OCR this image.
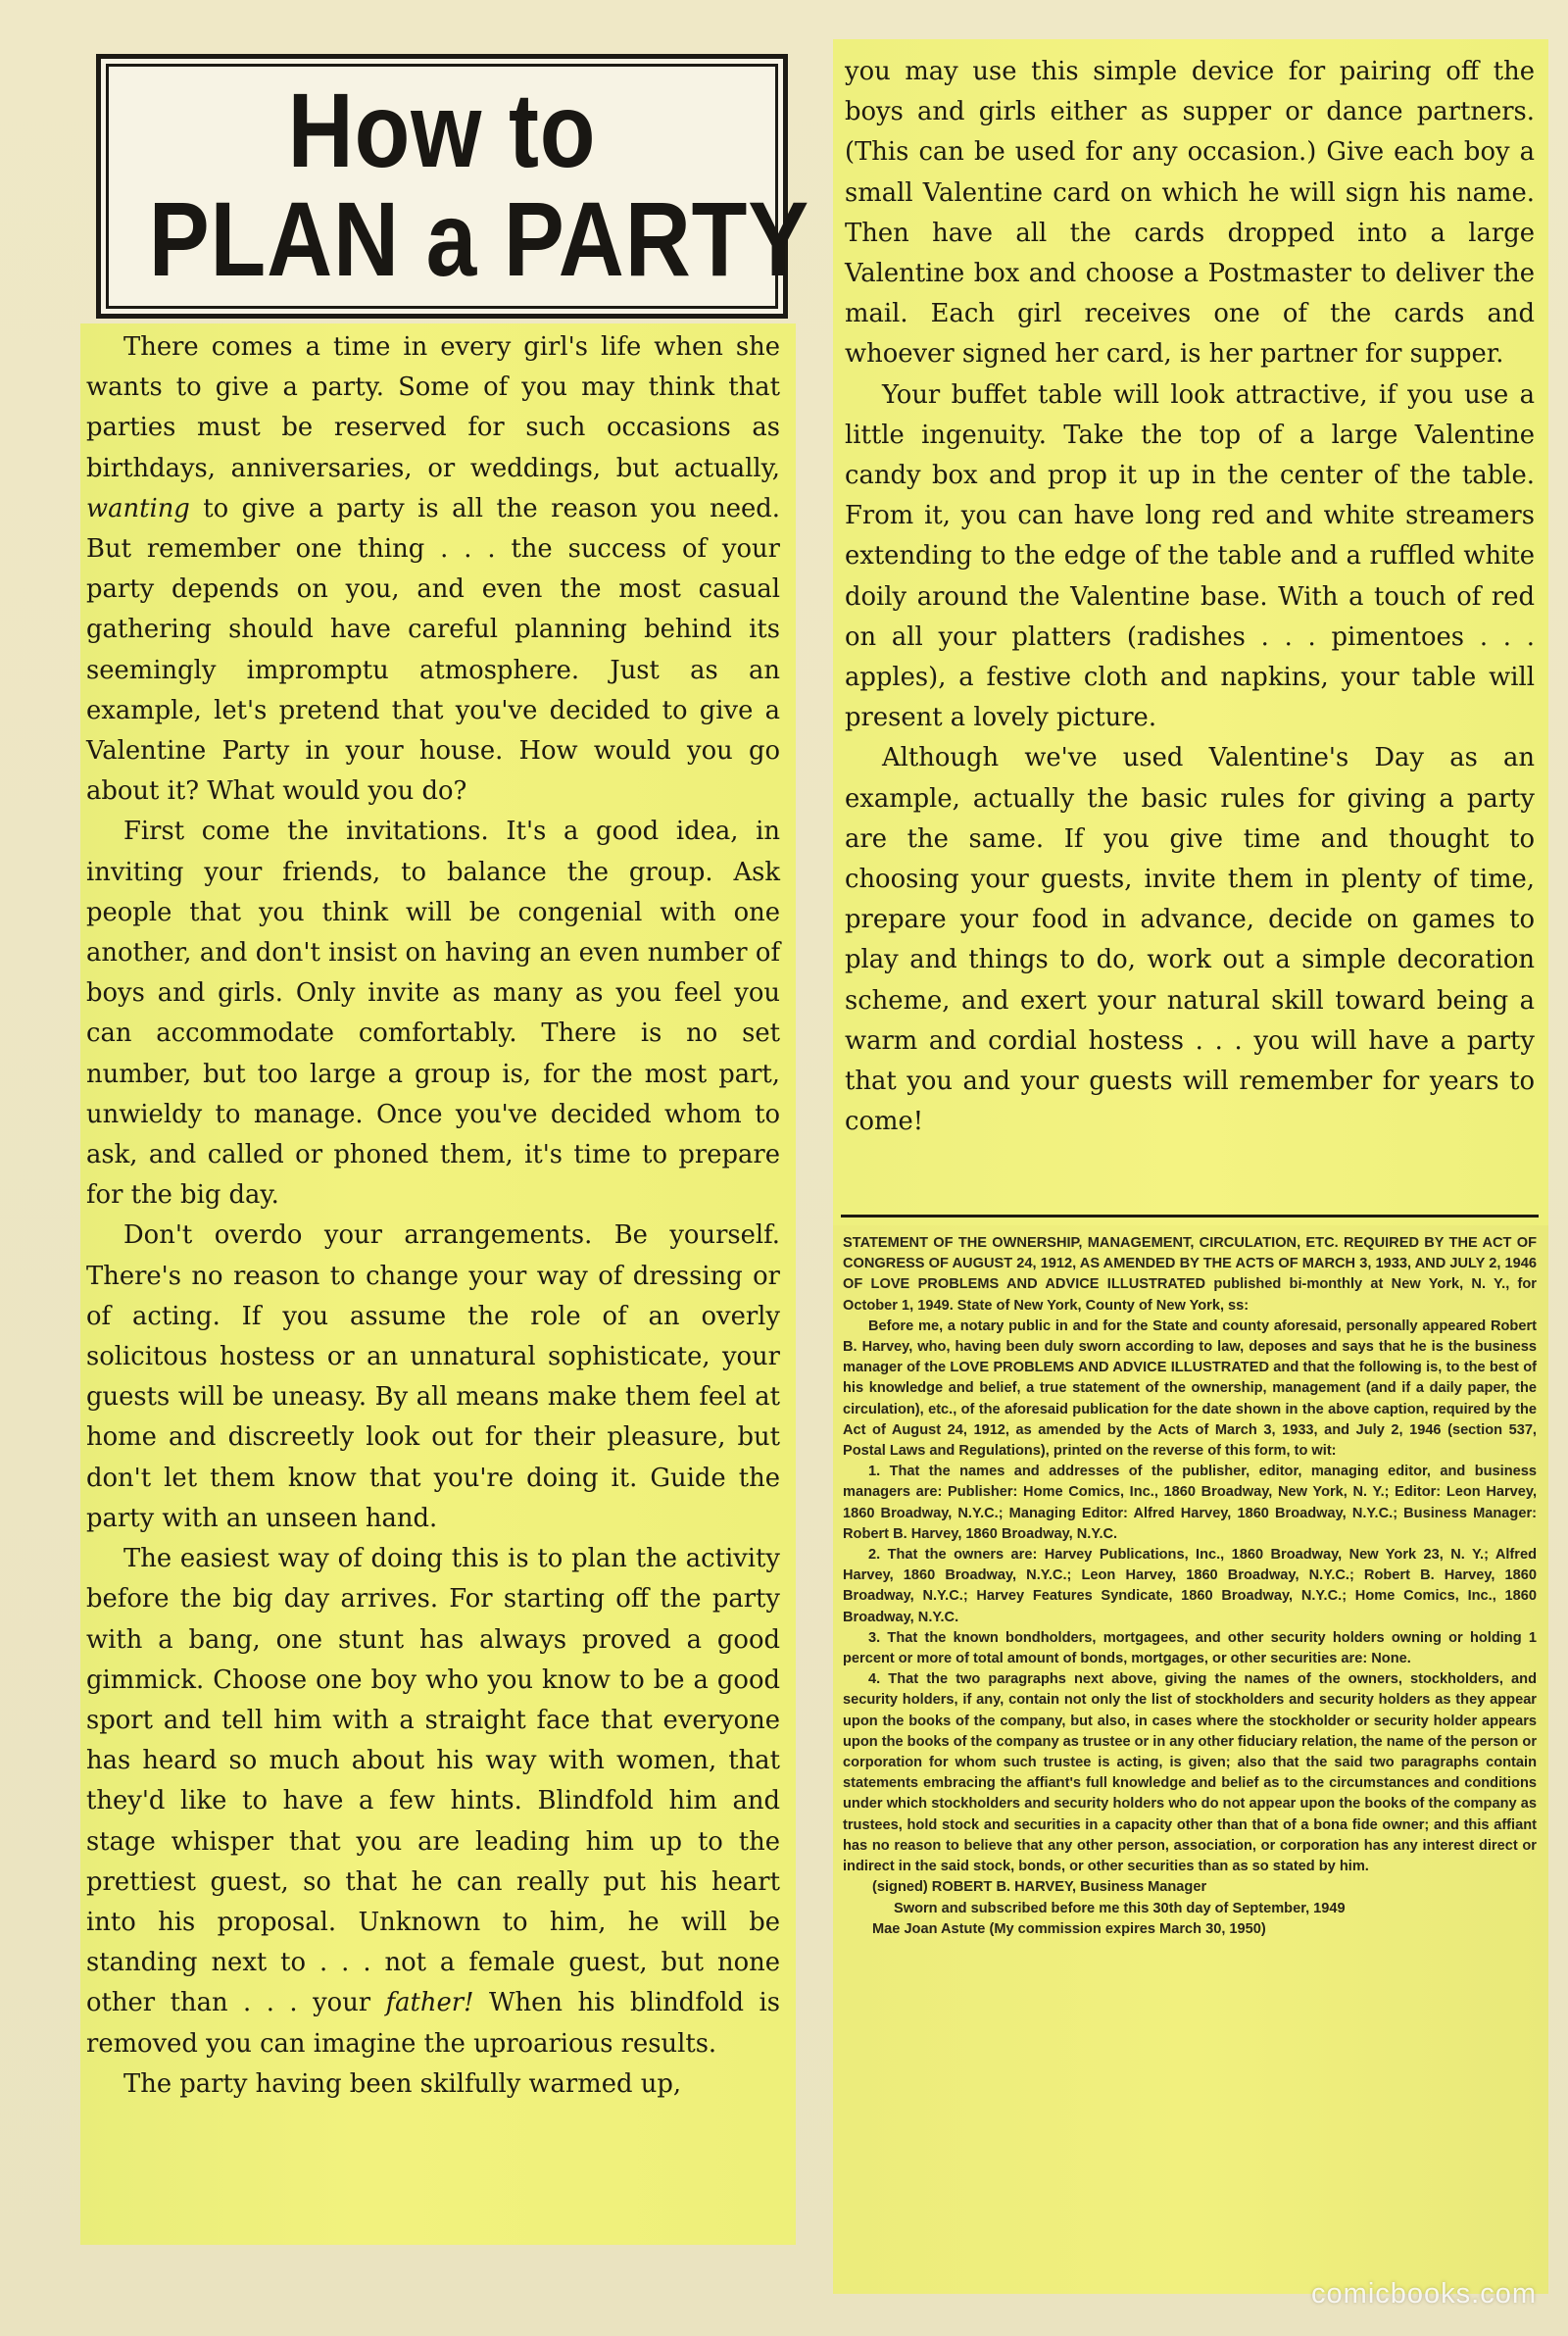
How to
PLAN a PARTY

There comes a time in every girl's life when she wants to give a party. Some of you may think that parties must be reserved for such occasions as birthdays, anniversaries, or weddings, but actually, wanting to give a party is all the reason you need. But remember one thing . . . the success of your party depends on you, and even the most casual gathering should have careful planning behind its seemingly impromptu atmosphere. Just as an example, let's pretend that you've decided to give a Valentine Party in your house. How would you go about it? What would you do?

First come the invitations. It's a good idea, in inviting your friends, to balance the group. Ask people that you think will be congenial with one another, and don't insist on having an even number of boys and girls. Only invite as many as you feel you can accommodate comfortably. There is no set number, but too large a group is, for the most part, unwieldy to manage. Once you've decided whom to ask, and called or phoned them, it's time to prepare for the big day.

Don't overdo your arrangements. Be yourself. There's no reason to change your way of dressing or of acting. If you assume the role of an overly solicitous hostess or an unnatural sophisticate, your guests will be uneasy. By all means make them feel at home and discreetly look out for their pleasure, but don't let them know that you're doing it. Guide the party with an unseen hand.

The easiest way of doing this is to plan the activity before the big day arrives. For starting off the party with a bang, one stunt has always proved a good gimmick. Choose one boy who you know to be a good sport and tell him with a straight face that everyone has heard so much about his way with women, that they'd like to have a few hints. Blindfold him and stage whisper that you are leading him up to the prettiest guest, so that he can really put his heart into his proposal. Unknown to him, he will be standing next to . . . not a female guest, but none other than . . . your father! When his blindfold is removed you can imagine the uproarious results.

The party having been skilfully warmed up,

you may use this simple device for pairing off the boys and girls either as supper or dance partners. (This can be used for any occasion.) Give each boy a small Valentine card on which he will sign his name. Then have all the cards dropped into a large Valentine box and choose a Postmaster to deliver the mail. Each girl receives one of the cards and whoever signed her card, is her partner for supper.

Your buffet table will look attractive, if you use a little ingenuity. Take the top of a large Valentine candy box and prop it up in the center of the table. From it, you can have long red and white streamers extending to the edge of the table and a ruffled white doily around the Valentine base. With a touch of red on all your platters (radishes . . . pimentoes . . . apples), a festive cloth and napkins, your table will present a lovely picture.

Although we've used Valentine's Day as an example, actually the basic rules for giving a party are the same. If you give time and thought to choosing your guests, invite them in plenty of time, prepare your food in advance, decide on games to play and things to do, work out a simple decoration scheme, and exert your natural skill toward being a warm and cordial hostess . . . you will have a party that you and your guests will remember for years to come!

STATEMENT OF THE OWNERSHIP, MANAGEMENT, CIRCULATION, ETC. REQUIRED BY THE ACT OF CONGRESS OF AUGUST 24, 1912, AS AMENDED BY THE ACTS OF MARCH 3, 1933, AND JULY 2, 1946 OF LOVE PROBLEMS AND ADVICE ILLUSTRATED published bi-monthly at New York, N. Y., for October 1, 1949. State of New York, County of New York, ss:

Before me, a notary public in and for the State and county aforesaid, personally appeared Robert B. Harvey, who, having been duly sworn according to law, deposes and says that he is the business manager of the LOVE PROBLEMS AND ADVICE ILLUSTRATED and that the following is, to the best of his knowledge and belief, a true statement of the ownership, management (and if a daily paper, the circulation), etc., of the aforesaid publication for the date shown in the above caption, required by the Act of August 24, 1912, as amended by the Acts of March 3, 1933, and July 2, 1946 (section 537, Postal Laws and Regulations), printed on the reverse of this form, to wit:

1. That the names and addresses of the publisher, editor, managing editor, and business managers are: Publisher: Home Comics, Inc., 1860 Broadway, New York, N. Y.; Editor: Leon Harvey, 1860 Broadway, N.Y.C.; Managing Editor: Alfred Harvey, 1860 Broadway, N.Y.C.; Business Manager: Robert B. Harvey, 1860 Broadway, N.Y.C.

2. That the owners are: Harvey Publications, Inc., 1860 Broadway, New York 23, N. Y.; Alfred Harvey, 1860 Broadway, N.Y.C.; Leon Harvey, 1860 Broadway, N.Y.C.; Robert B. Harvey, 1860 Broadway, N.Y.C.; Harvey Features Syndicate, 1860 Broadway, N.Y.C.; Home Comics, Inc., 1860 Broadway, N.Y.C.

3. That the known bondholders, mortgagees, and other security holders owning or holding 1 percent or more of total amount of bonds, mortgages, or other securities are: None.

4. That the two paragraphs next above, giving the names of the owners, stockholders, and security holders, if any, contain not only the list of stockholders and security holders as they appear upon the books of the company, but also, in cases where the stockholder or security holder appears upon the books of the company as trustee or in any other fiduciary relation, the name of the person or corporation for whom such trustee is acting, is given; also that the said two paragraphs contain statements embracing the affiant's full knowledge and belief as to the circumstances and conditions under which stockholders and security holders who do not appear upon the books of the company as trustees, hold stock and securities in a capacity other than that of a bona fide owner; and this affiant has no reason to believe that any other person, association, or corporation has any interest direct or indirect in the said stock, bonds, or other securities than as so stated by him.

(signed) ROBERT B. HARVEY, Business Manager

Sworn and subscribed before me this 30th day of September, 1949

Mae Joan Astute (My commission expires March 30, 1950)

comicbooks.com
